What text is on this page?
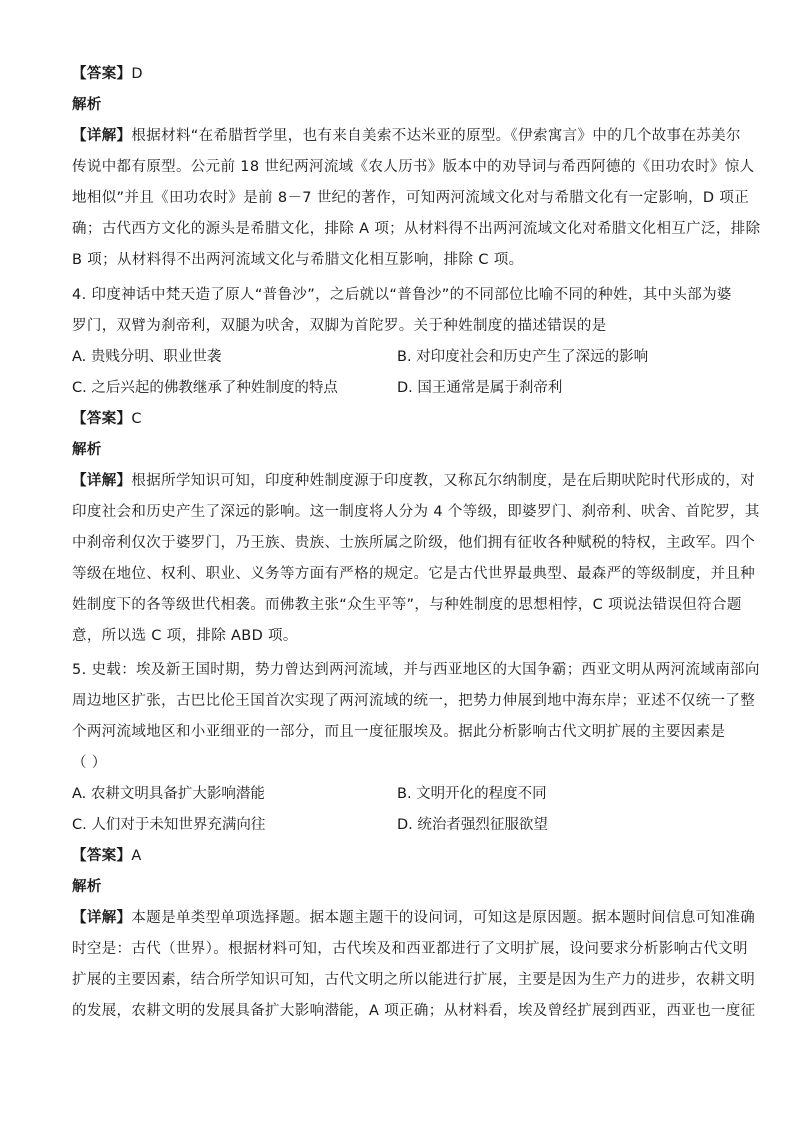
【答案】D
解析
【详解】根据材料“在希腊哲学里，也有来自美索不达米亚的原型。《伊索寓言》中的几个故事在苏美尔
传说中都有原型。公元前 18 世纪两河流域《农人历书》版本中的劝导词与希西阿德的《田功农时》惊人
地相似”并且《田功农时》是前 8－7 世纪的著作，可知两河流域文化对与希腊文化有一定影响，D 项正
确；古代西方文化的源头是希腊文化，排除 A 项；从材料得不出两河流域文化对希腊文化相互广泛，排除
B 项；从材料得不出两河流域文化与希腊文化相互影响，排除 C 项。
4. 印度神话中梵天造了原人“普鲁沙”，之后就以“普鲁沙”的不同部位比喻不同的种姓，其中头部为婆
罗门，双臂为刹帝利，双腿为吠舍，双脚为首陀罗。关于种姓制度的描述错误的是
A. 贵贱分明、职业世袭	B. 对印度社会和历史产生了深远的影响
C. 之后兴起的佛教继承了种姓制度的特点	D. 国王通常是属于刹帝利
【答案】C
解析
【详解】根据所学知识可知，印度种姓制度源于印度教，又称瓦尔纳制度，是在后期吠陀时代形成的，对
印度社会和历史产生了深远的影响。这一制度将人分为 4 个等级，即婆罗门、刹帝利、吠舍、首陀罗，其
中刹帝利仅次于婆罗门，乃王族、贵族、士族所属之阶级，他们拥有征收各种赋税的特权，主政军。四个
等级在地位、权利、职业、义务等方面有严格的规定。它是古代世界最典型、最森严的等级制度，并且种
姓制度下的各等级世代相袭。而佛教主张“众生平等”，与种姓制度的思想相悖，C 项说法错误但符合题
意，所以选 C 项，排除 ABD 项。
5. 史载：埃及新王国时期，势力曾达到两河流域，并与西亚地区的大国争霸；西亚文明从两河流域南部向
周边地区扩张，古巴比伦王国首次实现了两河流域的统一，把势力伸展到地中海东岸；亚述不仅统一了整
个两河流域地区和小亚细亚的一部分，而且一度征服埃及。据此分析影响古代文明扩展的主要因素是
（ ）
A. 农耕文明具备扩大影响潜能	B. 文明开化的程度不同
C. 人们对于未知世界充满向往	D. 统治者强烈征服欲望
【答案】A
解析
【详解】本题是单类型单项选择题。据本题主题干的设问词，可知这是原因题。据本题时间信息可知准确
时空是：古代（世界）。根据材料可知，古代埃及和西亚都进行了文明扩展，设问要求分析影响古代文明
扩展的主要因素，结合所学知识可知，古代文明之所以能进行扩展，主要是因为生产力的进步，农耕文明
的发展，农耕文明的发展具备扩大影响潜能，A 项正确；从材料看，埃及曾经扩展到西亚，西亚也一度征
